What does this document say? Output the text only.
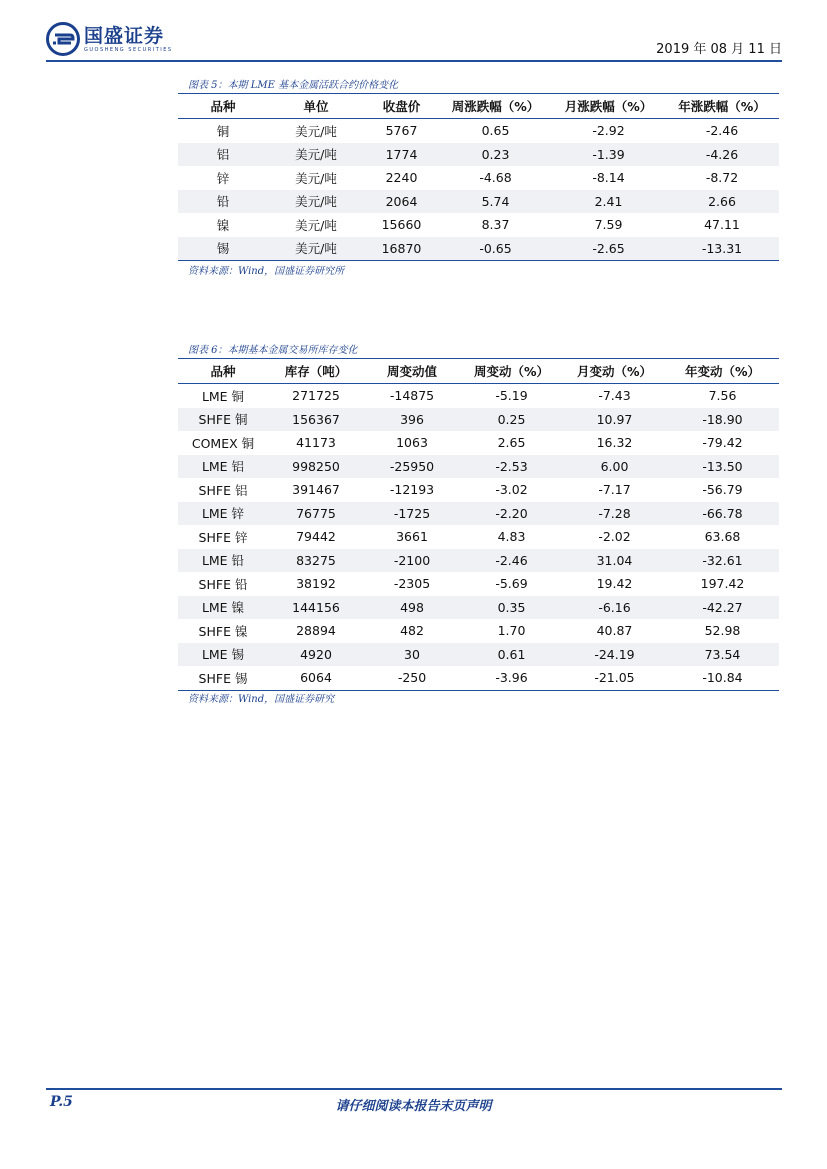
国盛证券
GUOSHENG SECURITIES	2019 年 08 月 11 日
图表 5：本期 LME 基本金属活跃合约价格变化
品种	单位	收盘价	周涨跌幅（%）	月涨跌幅（%）	年涨跌幅（%）
铜	美元/吨	5767	0.65	-2.92	-2.46
铝	美元/吨	1774	0.23	-1.39	-4.26
锌	美元/吨	2240	-4.68	-8.14	-8.72
铅	美元/吨	2064	5.74	2.41	2.66
镍	美元/吨	15660	8.37	7.59	47.11
锡	美元/吨	16870	-0.65	-2.65	-13.31
资料来源：Wind，国盛证券研究所
图表 6：本期基本金属交易所库存变化
品种	库存（吨）	周变动值	周变动（%）	月变动（%）	年变动（%）
LME 铜	271725	-14875	-5.19	-7.43	7.56
SHFE 铜	156367	396	0.25	10.97	-18.90
COMEX 铜	41173	1063	2.65	16.32	-79.42
LME 铝	998250	-25950	-2.53	6.00	-13.50
SHFE 铝	391467	-12193	-3.02	-7.17	-56.79
LME 锌	76775	-1725	-2.20	-7.28	-66.78
SHFE 锌	79442	3661	4.83	-2.02	63.68
LME 铅	83275	-2100	-2.46	31.04	-32.61
SHFE 铅	38192	-2305	-5.69	19.42	197.42
LME 镍	144156	498	0.35	-6.16	-42.27
SHFE 镍	28894	482	1.70	40.87	52.98
LME 锡	4920	30	0.61	-24.19	73.54
SHFE 锡	6064	-250	-3.96	-21.05	-10.84
资料来源：Wind，国盛证券研究
P.5	请仔细阅读本报告末页声明
